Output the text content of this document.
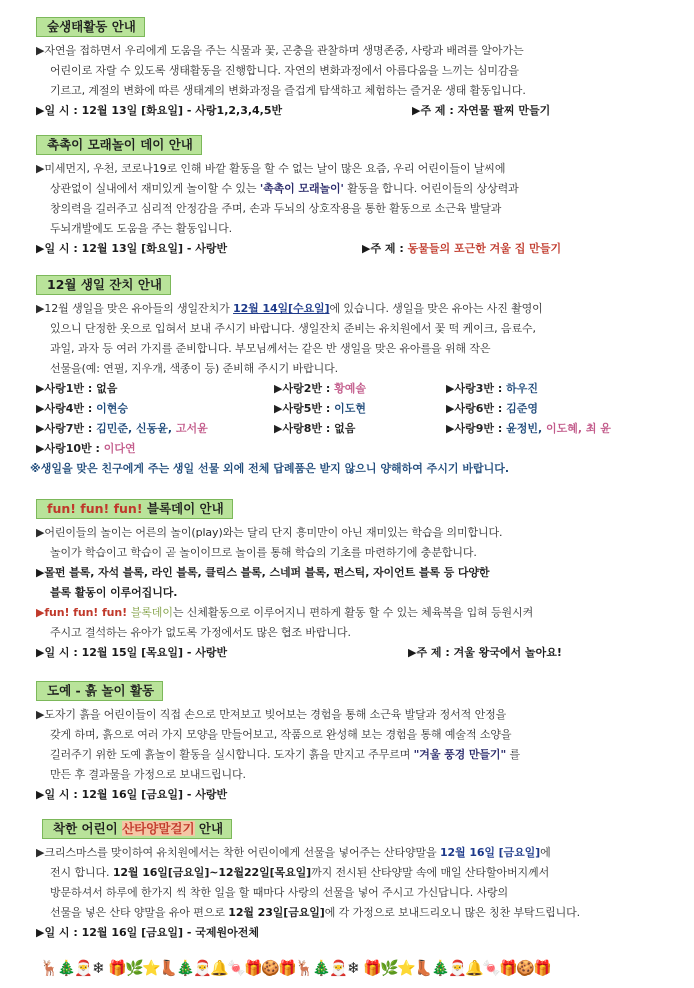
숲생태활동 안내

▶자연을 접하면서 우리에게 도움을 주는 식물과 꽃, 곤충을 관찰하며 생명존중, 사랑과 배려를 알아가는

어린이로 자랄 수 있도록 생태활동을 진행합니다. 자연의 변화과정에서 아름다움을 느끼는 심미감을

기르고, 계절의 변화에 따른 생태계의 변화과정을 즐겁게 탐색하고 체험하는 즐거운 생태 활동입니다.

▶일 시 : 12월 13일 [화요일] - 사랑1,2,3,4,5반	▶주 제 : 자연물 팔찌 만들기
촉촉이 모래놀이 데이 안내

▶미세먼지, 우천, 코로나19로 인해 바깥 활동을 할 수 없는 날이 많은 요즘, 우리 어린이들이 날씨에

상관없이 실내에서 재미있게 놀이할 수 있는 '촉촉이 모래놀이' 활동을 합니다. 어린이들의 상상력과

창의력을 길러주고 심리적 안정감을 주며, 손과 두뇌의 상호작용을 통한 활동으로 소근육 발달과

두뇌개발에도 도움을 주는 활동입니다.

▶일 시 : 12월 13일 [화요일] - 사랑반	▶주 제 : 동물들의 포근한 겨울 집 만들기
12월 생일 잔치 안내

▶12월 생일을 맞은 유아들의 생일잔치가 12월 14일[수요일]에 있습니다. 생일을 맞은 유아는 사진 촬영이

있으니 단정한 옷으로 입혀서 보내 주시기 바랍니다. 생일잔치 준비는 유치원에서 꽃 떡 케이크, 음료수,

과일, 과자 등 여러 가지를 준비합니다. 부모님께서는 같은 반 생일을 맞은 유아를을 위해 작은

선물을(예: 연필, 지우개, 색종이 등) 준비해 주시기 바랍니다.

▶사랑1반 : 없음	▶사랑2반 : 황예솔	▶사랑3반 : 하우진
▶사랑4반 : 이현승	▶사랑5반 : 이도현	▶사랑6반 : 김준영
▶사랑7반 : 김민준, 신동윤, 고서윤	▶사랑8반 : 없음	▶사랑9반 : 윤정빈, 이도혜, 최 윤
▶사랑10반 : 이다연

※생일을 맞은 친구에게 주는 생일 선물 외에 전체 답례품은 받지 않으니 양해하여 주시기 바랍니다.

fun! fun! fun! 블록데이 안내

▶어린이들의 놀이는 어른의 놀이(play)와는 달리 단지 흥미만이 아닌 재미있는 학습을 의미합니다.

놀이가 학습이고 학습이 곧 놀이이므로 놀이를 통해 학습의 기초를 마련하기에 충분합니다.

▶몰펀 블록, 자석 블록, 라인 블록, 클릭스 블록, 스네퍼 블록, 펀스틱, 자이언트 블록 등 다양한

블록 활동이 이루어집니다.

▶fun! fun! fun! 블록데이는 신체활동으로 이루어지니 편하게 활동 할 수 있는 체육복을 입혀 등원시켜

주시고 결석하는 유아가 없도록 가정에서도 많은 협조 바랍니다.

▶일 시 : 12월 15일 [목요일] - 사랑반	▶주 제 : 겨울 왕국에서 놀아요!
도예 - 흙 놀이 활동

▶도자기 흙을 어린이들이 직접 손으로 만져보고 빚어보는 경험을 통해 소근육 발달과 정서적 안정을

갖게 하며, 흙으로 여러 가지 모양을 만들어보고, 작품으로 완성해 보는 경험을 통해 예술적 소양을

길러주기 위한 도예 흙놀이 활동을 실시합니다. 도자기 흙을 만지고 주무르며 "겨울 풍경 만들기" 를

만든 후 결과물을 가정으로 보내드립니다.

▶일 시 : 12월 16일 [금요일] - 사랑반
착한 어린이 산타양말걸기 안내

▶크리스마스를 맞이하여 유치원에서는 착한 어린이에게 선물을 넣어주는 산타양말을 12월 16일 [금요일]에

전시 합니다. 12월 16일[금요일]~12월22일[목요일]까지 전시된 산타양말 속에 매일 산타할아버지께서

방문하셔서 하루에 한가지 씩 착한 일을 할 때마다 사랑의 선물을 넣어 주시고 가신답니다. 사랑의

선물을 넣은 산타 양말을 유아 편으로 12월 23일[금요일]에 각 가정으로 보내드리오니 많은 칭찬 부탁드립니다.

▶일 시 : 12월 16일 [금요일] - 국제원아전체
🦌
🎄
🎅 ❄ 🎁
🌿
⭐
👢
🎄
🎅
🔔
🍬
🎁
🍪
🎁
🦌
🎄
🎅 ❄ 🎁
🌿
⭐
👢
🎄
🎅
🔔
🍬
🎁
🍪
🎁
